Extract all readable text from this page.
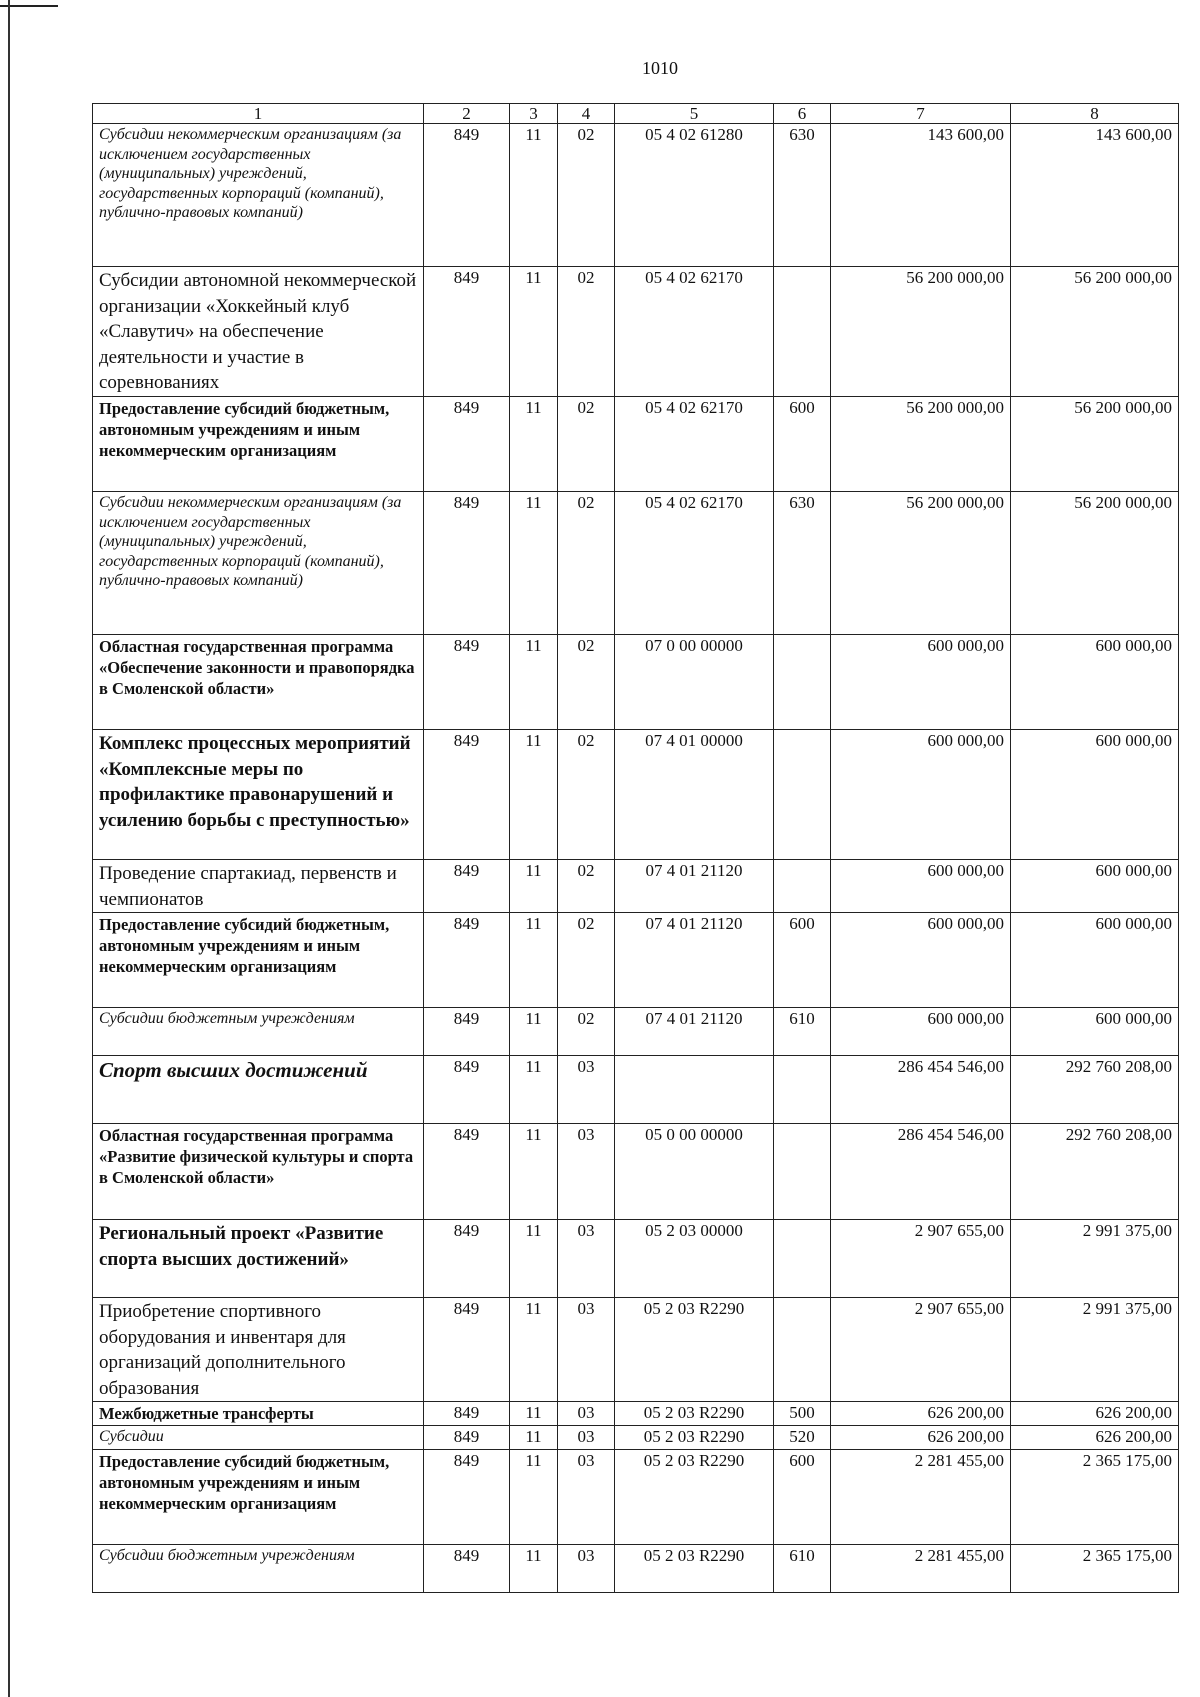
1010
1	2	3	4	5	6	7	8
Субсидии некоммерческим организациям (за исключением государственных (муниципальных) учреждений, государственных корпораций (компаний), публично-правовых компаний)	849	11	02	05 4 02 61280	630	143 600,00	143 600,00
Субсидии автономной некоммерческой организации «Хоккейный клуб «Славутич» на обеспечение деятельности и участие в соревнованиях	849	11	02	05 4 02 62170		56 200 000,00	56 200 000,00
Предоставление субсидий бюджетным, автономным учреждениям и иным некоммерческим организациям	849	11	02	05 4 02 62170	600	56 200 000,00	56 200 000,00
Субсидии некоммерческим организациям (за исключением государственных (муниципальных) учреждений, государственных корпораций (компаний), публично-правовых компаний)	849	11	02	05 4 02 62170	630	56 200 000,00	56 200 000,00
Областная государственная программа «Обеспечение законности и правопорядка в Смоленской области»	849	11	02	07 0 00 00000		600 000,00	600 000,00
Комплекс процессных мероприятий «Комплексные меры по профилактике правонарушений и усилению борьбы с преступностью»	849	11	02	07 4 01 00000		600 000,00	600 000,00
Проведение спартакиад, первенств и чемпионатов	849	11	02	07 4 01 21120		600 000,00	600 000,00
Предоставление субсидий бюджетным, автономным учреждениям и иным некоммерческим организациям	849	11	02	07 4 01 21120	600	600 000,00	600 000,00
Субсидии бюджетным учреждениям	849	11	02	07 4 01 21120	610	600 000,00	600 000,00
Спорт высших достижений	849	11	03			286 454 546,00	292 760 208,00
Областная государственная программа «Развитие физической культуры и спорта в Смоленской области»	849	11	03	05 0 00 00000		286 454 546,00	292 760 208,00
Региональный проект «Развитие спорта высших достижений»	849	11	03	05 2 03 00000		2 907 655,00	2 991 375,00
Приобретение спортивного оборудования и инвентаря для организаций дополнительного образования	849	11	03	05 2 03 R2290		2 907 655,00	2 991 375,00
Межбюджетные трансферты	849	11	03	05 2 03 R2290	500	626 200,00	626 200,00
Субсидии	849	11	03	05 2 03 R2290	520	626 200,00	626 200,00
Предоставление субсидий бюджетным, автономным учреждениям и иным некоммерческим организациям	849	11	03	05 2 03 R2290	600	2 281 455,00	2 365 175,00
Субсидии бюджетным учреждениям	849	11	03	05 2 03 R2290	610	2 281 455,00	2 365 175,00
